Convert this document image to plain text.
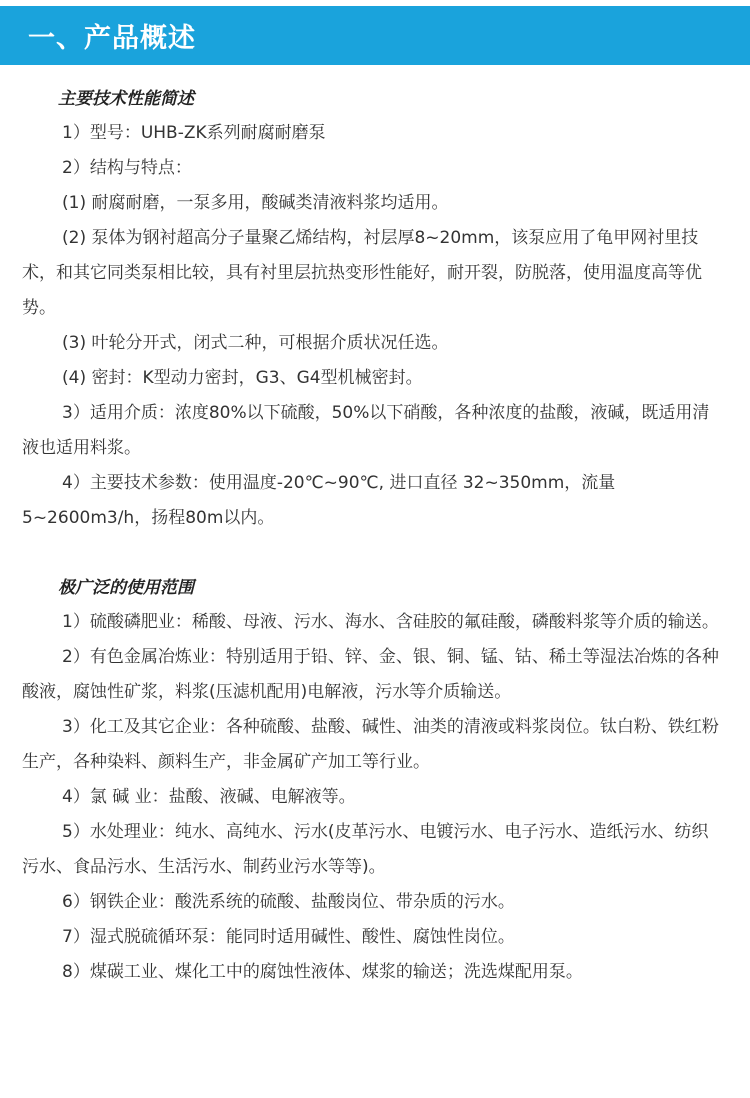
一、产品概述

主要技术性能简述

1）型号：UHB-ZK系列耐腐耐磨泵

2）结构与特点：

(1) 耐腐耐磨，一泵多用，酸碱类清液料浆均适用。

(2) 泵体为钢衬超高分子量聚乙烯结构，衬层厚8~20mm，该泵应用了龟甲网衬里技术，和其它同类泵相比较，具有衬里层抗热变形性能好，耐开裂，防脱落，使用温度高等优势。

(3) 叶轮分开式，闭式二种，可根据介质状况任选。

(4) 密封：K型动力密封，G3、G4型机械密封。

3）适用介质：浓度80%以下硫酸，50%以下硝酸，各种浓度的盐酸，液碱，既适用清液也适用料浆。

4）主要技术参数：使用温度-20℃~90℃, 进口直径 32~350mm，流量5~2600m3/h，扬程80m以内。

极广泛的使用范围

1）硫酸磷肥业：稀酸、母液、污水、海水、含硅胶的氟硅酸，磷酸料浆等介质的输送。

2）有色金属冶炼业：特别适用于铅、锌、金、银、铜、锰、钴、稀土等湿法冶炼的各种酸液，腐蚀性矿浆，料浆(压滤机配用)电解液，污水等介质输送。

3）化工及其它企业：各种硫酸、盐酸、碱性、油类的清液或料浆岗位。钛白粉、铁红粉生产，各种染料、颜料生产，非金属矿产加工等行业。

4）氯 碱 业：盐酸、液碱、电解液等。

5）水处理业：纯水、高纯水、污水(皮革污水、电镀污水、电子污水、造纸污水、纺织污水、食品污水、生活污水、制药业污水等等)。

6）钢铁企业：酸洗系统的硫酸、盐酸岗位、带杂质的污水。

7）湿式脱硫循环泵：能同时适用碱性、酸性、腐蚀性岗位。

8）煤碳工业、煤化工中的腐蚀性液体、煤浆的输送；洗选煤配用泵。
